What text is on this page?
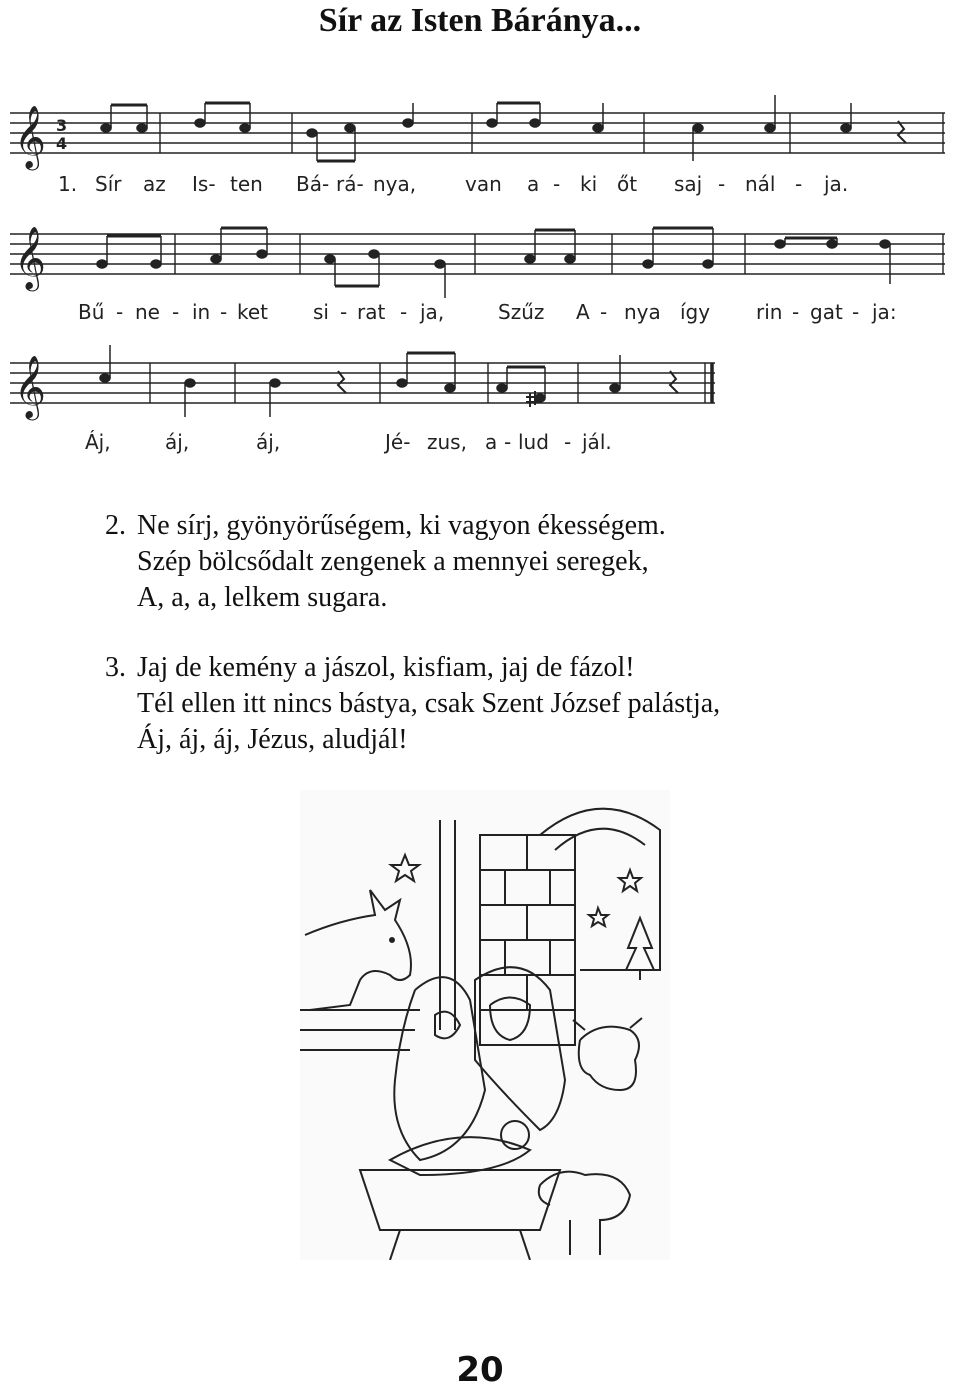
Sír az Isten Báránya...
𝄞 3
4
1. Sír az Is- ten Bá- rá- nya, van a - ki őt saj - nál - ja.
𝄞
Bű - ne - in - ket si - rat - ja,	Szűz A - nya így rin - gat - ja:
𝄞
Áj,	áj,	áj,	Jé- zus, a - lud - jál.
2. Ne sírj, gyönyörűségem, ki vagyon ékességem.
Szép bölcsődalt zengenek a mennyei seregek,
A, a, a, lelkem sugara.
3. Jaj de kemény a jászol, kisfiam, jaj de fázol!
Tél ellen itt nincs bástya, csak Szent József palástja,
Áj, áj, áj, Jézus, aludjál!
20
